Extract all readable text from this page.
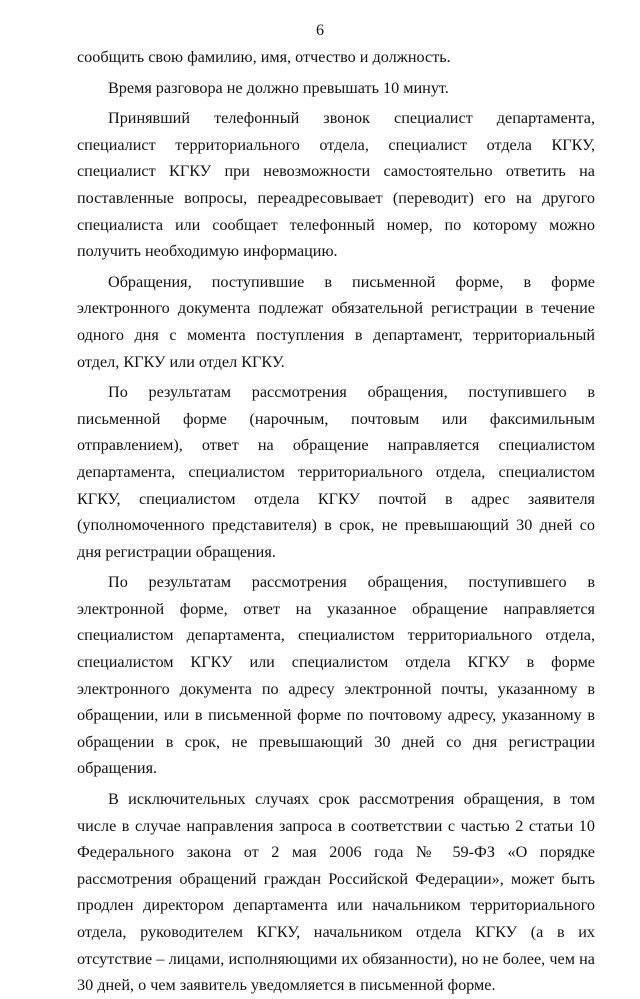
6

сообщить свою фамилию, имя, отчество и должность.

Время разговора не должно превышать 10 минут.

Принявший телефонный звонок специалист департамента, специалист территориального отдела, специалист отдела КГКУ, специалист КГКУ при невозможности самостоятельно ответить на поставленные вопросы, переадресовывает (переводит) его на другого специалиста или сообщает телефонный номер, по которому можно получить необходимую информацию.

Обращения, поступившие в письменной форме, в форме электронного документа подлежат обязательной регистрации в течение одного дня с момента поступления в департамент, территориальный отдел, КГКУ или отдел КГКУ.

По результатам рассмотрения обращения, поступившего в письменной форме (нарочным, почтовым или факсимильным отправлением), ответ на обращение направляется специалистом департамента, специалистом территориального отдела, специалистом КГКУ, специалистом отдела КГКУ почтой в адрес заявителя (уполномоченного представителя) в срок, не превышающий 30 дней со дня регистрации обращения.

По результатам рассмотрения обращения, поступившего в электронной форме, ответ на указанное обращение направляется специалистом департамента, специалистом территориального отдела, специалистом КГКУ или специалистом отдела КГКУ в форме электронного документа по адресу электронной почты, указанному в обращении, или в письменной форме по почтовому адресу, указанному в обращении в срок, не превышающий 30 дней со дня регистрации обращения.

В исключительных случаях срок рассмотрения обращения, в том числе в случае направления запроса в соответствии с частью 2 статьи 10 Федерального закона от 2 мая 2006 года № 59-ФЗ «О порядке рассмотрения обращений граждан Российской Федерации», может быть продлен директором департамента или начальником территориального отдела, руководителем КГКУ, начальником отдела КГКУ (а в их отсутствие – лицами, исполняющими их обязанности), но не более, чем на 30 дней, о чем заявитель уведомляется в письменной форме.
